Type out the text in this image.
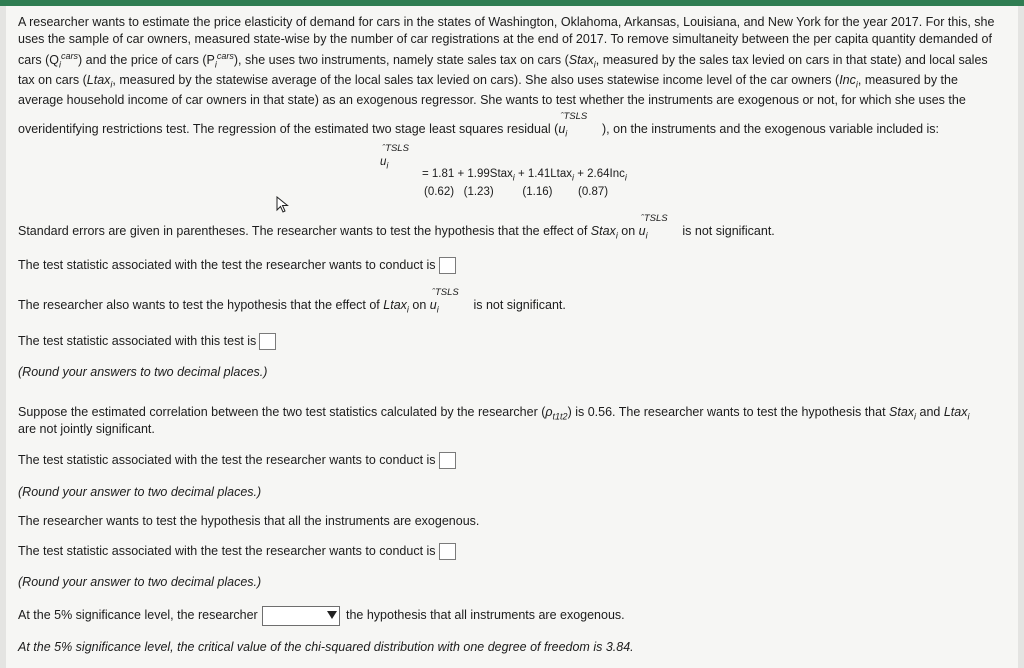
A researcher wants to estimate the price elasticity of demand for cars in the states of Washington, Oklahoma, Arkansas, Louisiana, and New York for the year 2017. For this, she
uses the sample of car owners, measured state-wise by the number of car registrations at the end of 2017. To remove simultaneity between the per capita quantity demanded of
cars $(Q_i^{cars})$ and the price of cars $(P_i^{cars})$, she uses two instruments, namely state sales tax on cars (Stax$_i$, measured by the sales tax levied on cars in that state) and local sales
tax on cars (Ltax$_i$, measured by the statewise average of the local sales tax levied on cars). She also uses statewise income level of the car owners (Inc$_i$, measured by the
average household income of car owners in that state) as an exogenous regressor. She wants to test whether the instruments are exogenous or not, for which she uses the
overidentifying restrictions test. The regression of the estimated two stage least squares residual (
ˆTSLS
$u_i$	), on the instruments and the exogenous variable included is:
ˆTSLS
$u_i$
= 1.81 + 1.99Stax$_i$ + 1.41Ltax$_i$ + 2.64Inc$_i$
(0.62)   (1.23)         (1.16)        (0.87)
Standard errors are given in parentheses. The researcher wants to test the hypothesis that the effect of Stax$_i$ on
ˆTSLS
$u_i$	is not significant.
The test statistic associated with the test the researcher wants to conduct is
The researcher also wants to test the hypothesis that the effect of Ltax$_i$ on
ˆTSLS
$u_i$	is not significant.
The test statistic associated with this test is
(Round your answers to two decimal places.)
Suppose the estimated correlation between the two test statistics calculated by the researcher $(\rho_{t1t2})$ is 0.56. The researcher wants to test the hypothesis that Stax$_i$ and Ltax$_i$
are not jointly significant.
The test statistic associated with the test the researcher wants to conduct is
(Round your answer to two decimal places.)
The researcher wants to test the hypothesis that all the instruments are exogenous.
The test statistic associated with the test the researcher wants to conduct is
(Round your answer to two decimal places.)
At the 5% significance level, the researcher	the hypothesis that all instruments are exogenous.
At the 5% significance level, the critical value of the chi-squared distribution with one degree of freedom is 3.84.
